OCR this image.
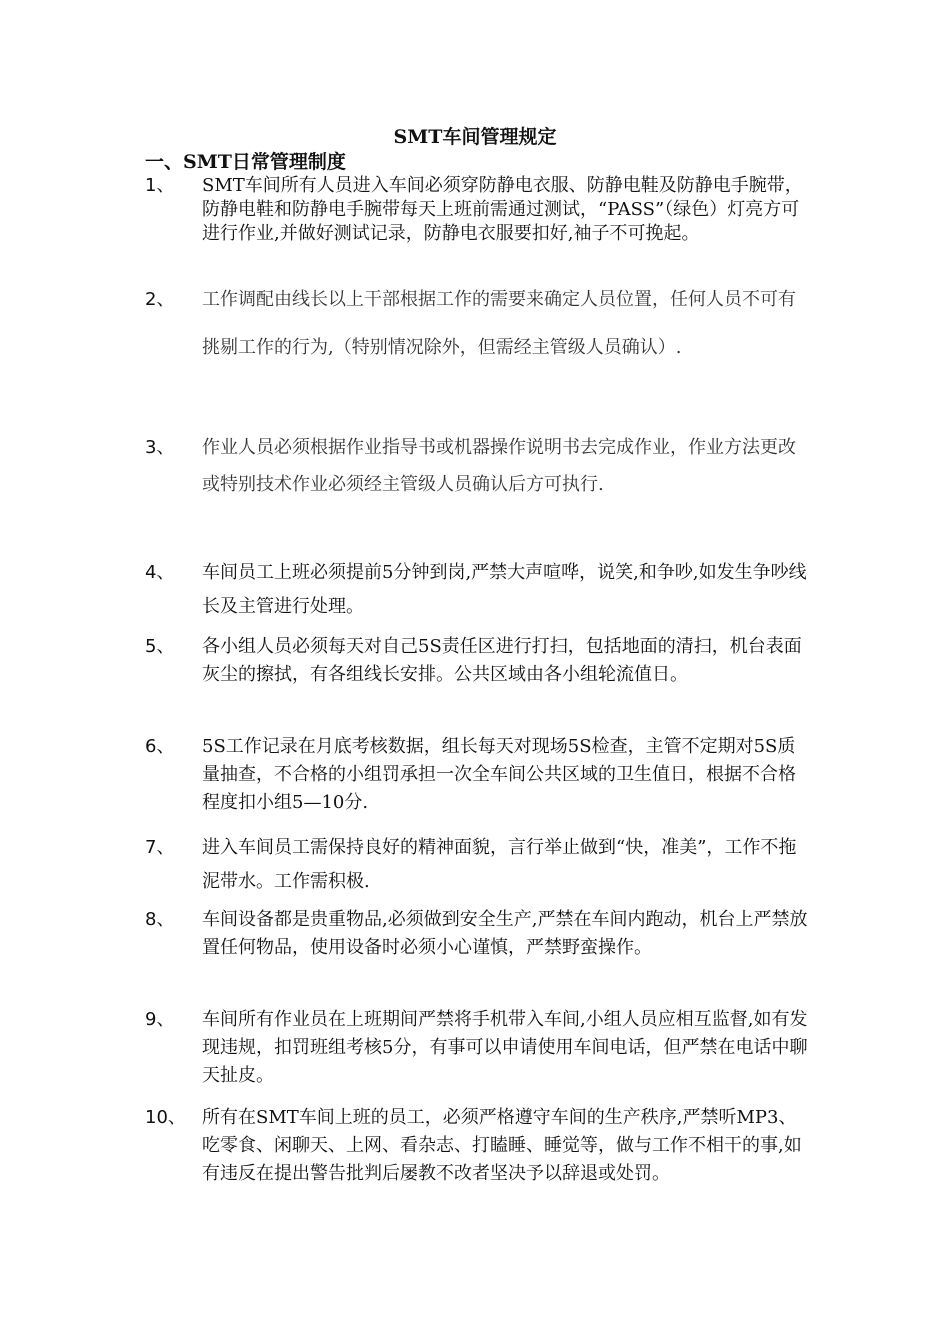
SMT车间管理规定
一、SMT日常管理制度
1、	SMT车间所有人员进入车间必须穿防静电衣服、防静电鞋及防静电手腕带， 防静电鞋和防静电手腕带每天上班前需通过测试，“PASS”（绿色）灯亮方可进行作业,并做好测试记录，防静电衣服要扣好,袖子不可挽起。
2、	工作调配由线长以上干部根据工作的需要来确定人员位置，任何人员不可有挑剔工作的行为,（特别情况除外，但需经主管级人员确认）.
3、	作业人员必须根据作业指导书或机器操作说明书去完成作业，作业方法更改或特别技术作业必须经主管级人员确认后方可执行.
4、	车间员工上班必须提前5分钟到岗,严禁大声喧哗，说笑,和争吵,如发生争吵线长及主管进行处理。
5、	各小组人员必须每天对自己5S责任区进行打扫，包括地面的清扫，机台表面灰尘的擦拭，有各组线长安排。公共区域由各小组轮流值日。
6、	5S工作记录在月底考核数据，组长每天对现场5S检查，主管不定期对5S质量抽查，不合格的小组罚承担一次全车间公共区域的卫生值日，根据不合格程度扣小组5—10分.
7、	进入车间员工需保持良好的精神面貌，言行举止做到“快，准美”，工作不拖泥带水。工作需积极.
8、	车间设备都是贵重物品,必须做到安全生产,严禁在车间内跑动，机台上严禁放置任何物品，使用设备时必须小心谨慎，严禁野蛮操作。
9、	车间所有作业员在上班期间严禁将手机带入车间,小组人员应相互监督,如有发现违规，扣罚班组考核5分，有事可以申请使用车间电话，但严禁在电话中聊天扯皮。
10、 所有在SMT车间上班的员工，必须严格遵守车间的生产秩序,严禁听MP3、吃零食、闲聊天、上网、看杂志、打瞌睡、睡觉等，做与工作不相干的事,如有违反在提出警告批判后屡教不改者坚决予以辞退或处罚。
